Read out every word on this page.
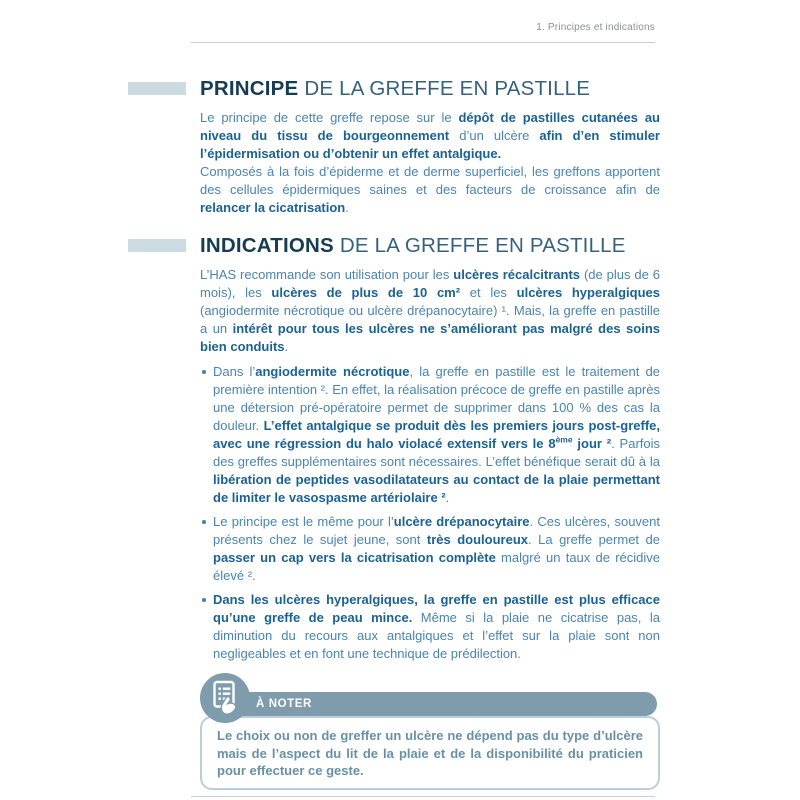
1. Principes et indications
PRINCIPE DE LA GREFFE EN PASTILLE

Le principe de cette greffe repose sur le dépôt de pastilles cutanées au niveau du tissu de bourgeonnement d’un ulcère afin d’en stimuler l’épidermisation ou d’obtenir un effet antalgique.

Composés à la fois d’épiderme et de derme superficiel, les greffons apportent des cellules épidermiques saines et des facteurs de croissance afin de relancer la cicatrisation.

INDICATIONS DE LA GREFFE EN PASTILLE

L’HAS recommande son utilisation pour les ulcères récalcitrants (de plus de 6 mois), les ulcères de plus de 10 cm² et les ulcères hyperalgiques (angiodermite nécrotique ou ulcère drépanocytaire) ¹. Mais, la greffe en pastille a un intérêt pour tous les ulcères ne s’améliorant pas malgré des soins bien conduits.

Dans l’angiodermite nécrotique, la greffe en pastille est le traitement de première intention ². En effet, la réalisation précoce de greffe en pastille après une détersion pré-opératoire permet de supprimer dans 100 % des cas la douleur. L’effet antalgique se produit dès les premiers jours post-greffe, avec une régression du halo violacé extensif vers le 8ème jour ². Parfois des greffes supplémentaires sont nécessaires. L’effet bénéfique serait dû à la libération de peptides vasodilatateurs au contact de la plaie permettant de limiter le vasospasme artériolaire ².

Le principe est le même pour l’ulcère drépanocytaire. Ces ulcères, souvent présents chez le sujet jeune, sont très douloureux. La greffe permet de passer un cap vers la cicatrisation complète malgré un taux de récidive élevé ².

Dans les ulcères hyperalgiques, la greffe en pastille est plus efficace qu’une greffe de peau mince. Même si la plaie ne cicatrise pas, la diminution du recours aux antalgiques et l’effet sur la plaie sont non negligeables et en font une technique de prédilection.

À NOTER

Le choix ou non de greffer un ulcère ne dépend pas du type d’ulcère mais de l’aspect du lit de la plaie et de la disponibilité du praticien pour effectuer ce geste.
